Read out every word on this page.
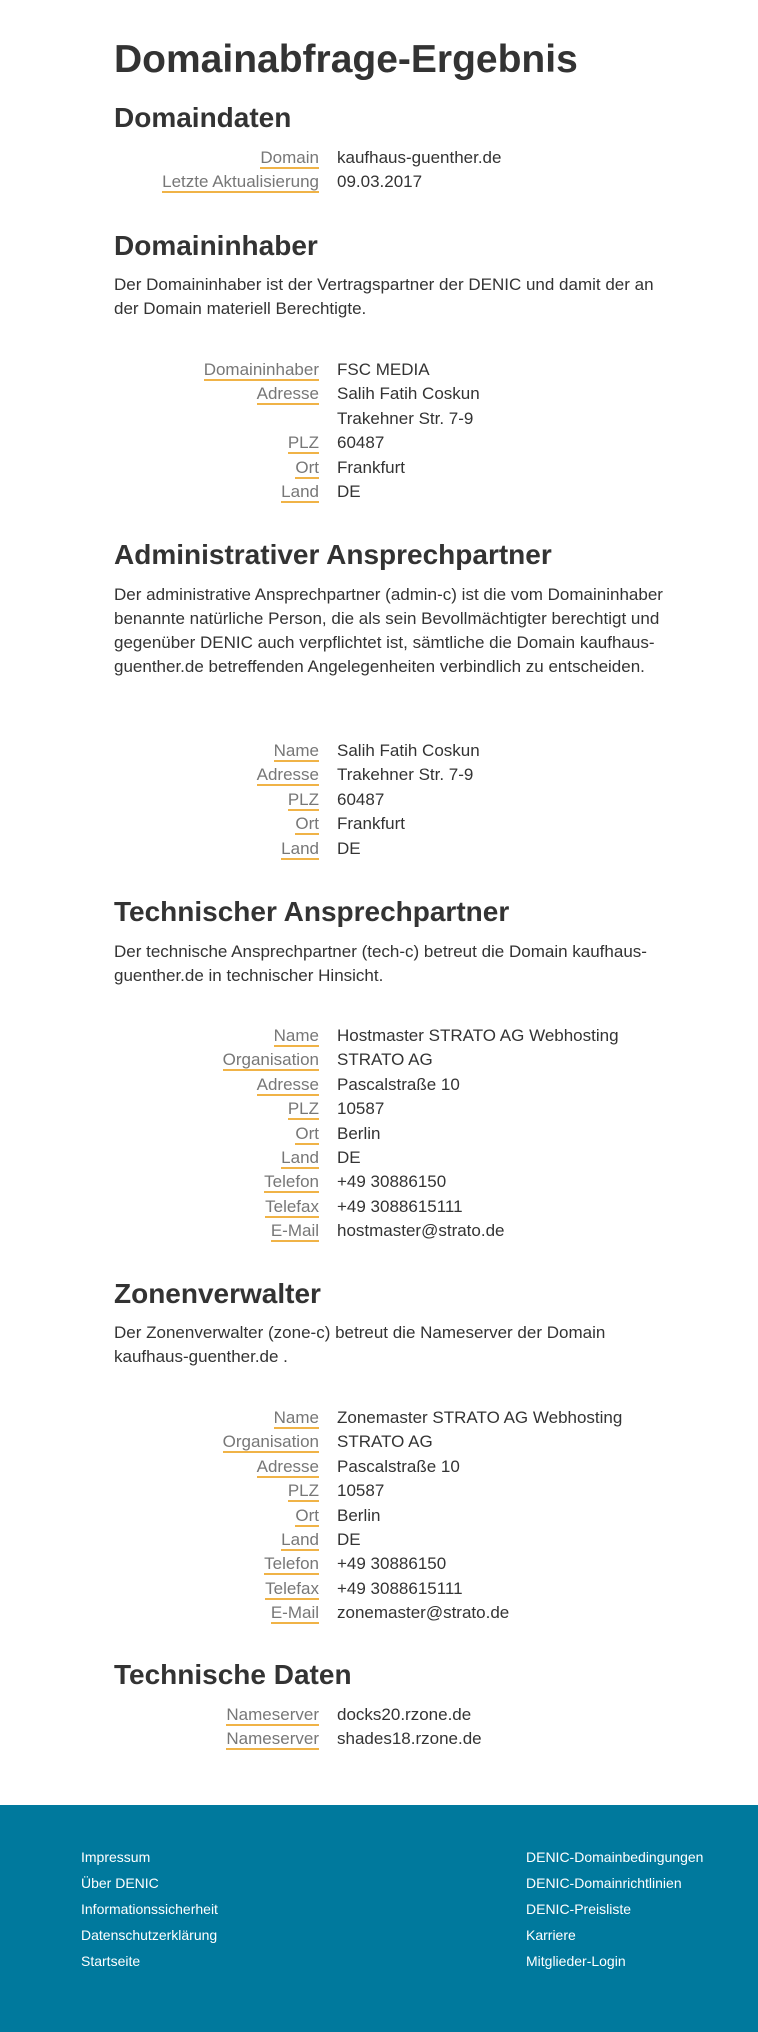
Domainabfrage-Ergebnis
Domaindaten
Domain kaufhaus-guenther.de
Letzte Aktualisierung 09.03.2017
Domaininhaber

Der Domaininhaber ist der Vertragspartner der DENIC und damit der an der Domain materiell Berechtigte.

Domaininhaber FSC MEDIA
Adresse Salih Fatih Coskun
Trakehner Str. 7-9
PLZ 60487
Ort Frankfurt
Land DE
Administrativer Ansprechpartner

Der administrative Ansprechpartner (admin-c) ist die vom Domaininhaber benannte natürliche Person, die als sein Bevollmächtigter berechtigt und gegenüber DENIC auch verpflichtet ist, sämtliche die Domain kaufhaus-guenther.de betreffenden Angelegenheiten verbindlich zu entscheiden.

Name Salih Fatih Coskun
Adresse Trakehner Str. 7-9
PLZ 60487
Ort Frankfurt
Land DE
Technischer Ansprechpartner

Der technische Ansprechpartner (tech-c) betreut die Domain kaufhaus-guenther.de in technischer Hinsicht.

Name Hostmaster STRATO AG Webhosting
Organisation STRATO AG
Adresse Pascalstraße 10
PLZ 10587
Ort Berlin
Land DE
Telefon +49 30886150
Telefax +49 3088615111
E-Mail hostmaster@strato.de
Zonenverwalter

Der Zonenverwalter (zone-c) betreut die Nameserver der Domain kaufhaus-guenther.de .

Name Zonemaster STRATO AG Webhosting
Organisation STRATO AG
Adresse Pascalstraße 10
PLZ 10587
Ort Berlin
Land DE
Telefon +49 30886150
Telefax +49 3088615111
E-Mail zonemaster@strato.de
Technische Daten
Nameserver docks20.rzone.de
Nameserver shades18.rzone.de
Impressum
Über DENIC
Informationssicherheit
Datenschutzerklärung
Startseite
DENIC-Domainbedingungen
DENIC-Domainrichtlinien
DENIC-Preisliste
Karriere
Mitglieder-Login
